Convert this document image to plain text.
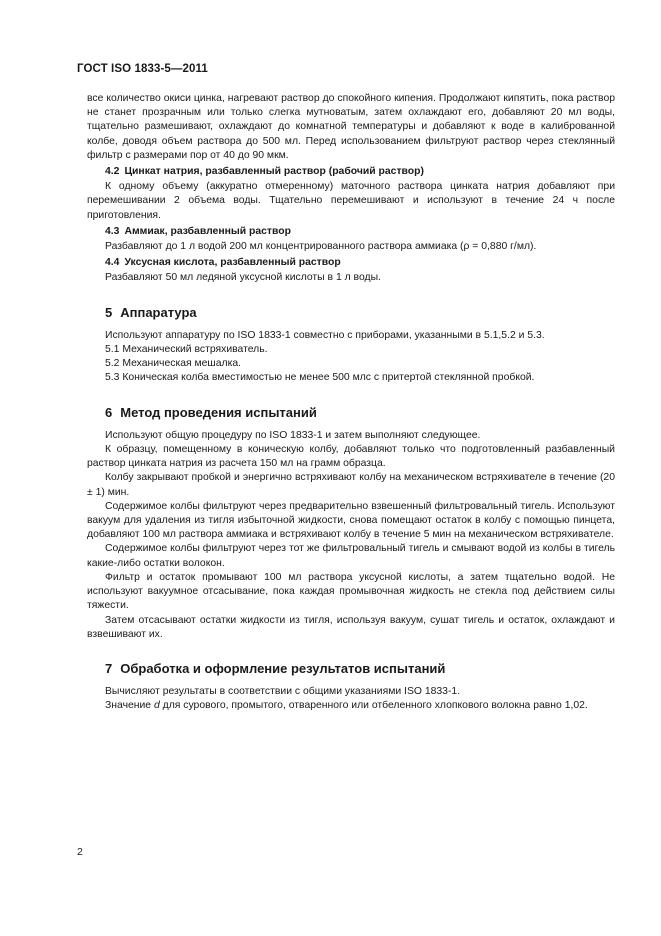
ГОСТ ISO 1833-5—2011

все количество окиси цинка, нагревают раствор до спокойного кипения. Продолжают кипятить, пока раствор не станет прозрачным или только слегка мутноватым, затем охлаждают его, добавляют 20 мл воды, тщательно размешивают, охлаждают до комнатной температуры и добавляют к воде в калиброванной колбе, доводя объем раствора до 500 мл. Перед использованием фильтруют раствор через стеклянный фильтр с размерами пор от 40 до 90 мкм.

4.2 Цинкат натрия, разбавленный раствор (рабочий раствор)

К одному объему (аккуратно отмеренному) маточного раствора цинката натрия добавляют при перемешивании 2 объема воды. Тщательно перемешивают и используют в течение 24 ч после приготовления.

4.3 Аммиак, разбавленный раствор

Разбавляют до 1 л водой 200 мл концентрированного раствора аммиака (ρ = 0,880 г/мл).

4.4 Уксусная кислота, разбавленный раствор

Разбавляют 50 мл ледяной уксусной кислоты в 1 л воды.

5 Аппаратура

Используют аппаратуру по ISO 1833-1 совместно с приборами, указанными в 5.1,5.2 и 5.3.

5.1 Механический встряхиватель.

5.2 Механическая мешалка.

5.3 Коническая колба вместимостью не менее 500 млс с притертой стеклянной пробкой.

6 Метод проведения испытаний

Используют общую процедуру по ISO 1833-1 и затем выполняют следующее.

К образцу, помещенному в коническую колбу, добавляют только что подготовленный разбавленный раствор цинката натрия из расчета 150 мл на грамм образца.

Колбу закрывают пробкой и энергично встряхивают колбу на механическом встряхивателе в течение (20 ± 1) мин.

Содержимое колбы фильтруют через предварительно взвешенный фильтровальный тигель. Используют вакуум для удаления из тигля избыточной жидкости, снова помещают остаток в колбу с помощью пинцета, добавляют 100 мл раствора аммиака и встряхивают колбу в течение 5 мин на механическом встряхивателе.

Содержимое колбы фильтруют через тот же фильтровальный тигель и смывают водой из колбы в тигель какие-либо остатки волокон.

Фильтр и остаток промывают 100 мл раствора уксусной кислоты, а затем тщательно водой. Не используют вакуумное отсасывание, пока каждая промывочная жидкость не стекла под действием силы тяжести.

Затем отсасывают остатки жидкости из тигля, используя вакуум, сушат тигель и остаток, охлаждают и взвешивают их.

7 Обработка и оформление результатов испытаний

Вычисляют результаты в соответствии с общими указаниями ISO 1833-1.

Значение d для сурового, промытого, отваренного или отбеленного хлопкового волокна равно 1,02.

2
